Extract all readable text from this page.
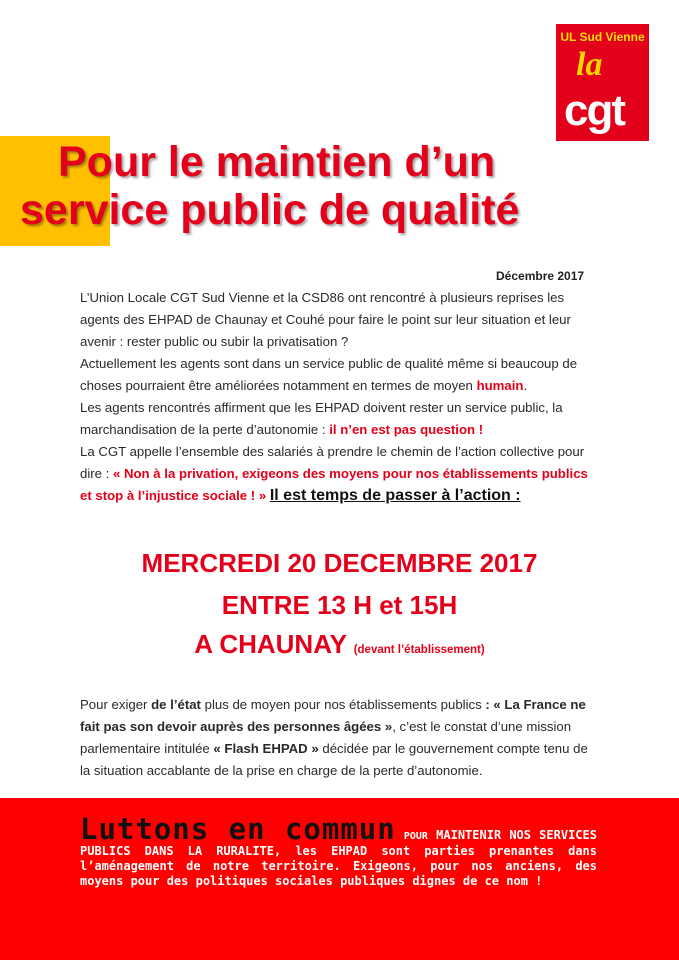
UL Sud Vienne
la
cgt
Pour le maintien d’un
service public de qualité
Décembre 2017
L’Union Locale CGT Sud Vienne et la CSD86 ont rencontré à plusieurs reprises les agents des EHPAD de Chaunay et Couhé pour faire le point sur leur situation et leur avenir : rester public ou subir la privatisation ?
Actuellement les agents sont dans un service public de qualité même si beaucoup de choses pourraient être améliorées notamment en termes de moyen humain.
Les agents rencontrés affirment que les EHPAD doivent rester un service public, la marchandisation de la perte d’autonomie : il n’en est pas question !
La CGT appelle l’ensemble des salariés à prendre le chemin de l’action collective pour dire : « Non à la privation, exigeons des moyens pour nos établissements publics et stop à l’injustice sociale ! » Il est temps de passer à l’action :
MERCREDI 20 DECEMBRE 2017
ENTRE 13 H et 15H
A CHAUNAY (devant l’établissement)
Pour exiger de l’état plus de moyen pour nos établissements publics : « La France ne fait pas son devoir auprès des personnes âgées », c’est le constat d’une mission parlementaire intitulée « Flash EHPAD » décidée par le gouvernement compte tenu de la situation accablante de la prise en charge de la perte d’autonomie.
Luttons en commun POUR MAINTENIR NOS SERVICES PUBLICS DANS LA RURALITE, les EHPAD sont parties prenantes dans l’aménagement de notre territoire. Exigeons, pour nos anciens, des moyens pour des politiques sociales publiques dignes de ce nom !
